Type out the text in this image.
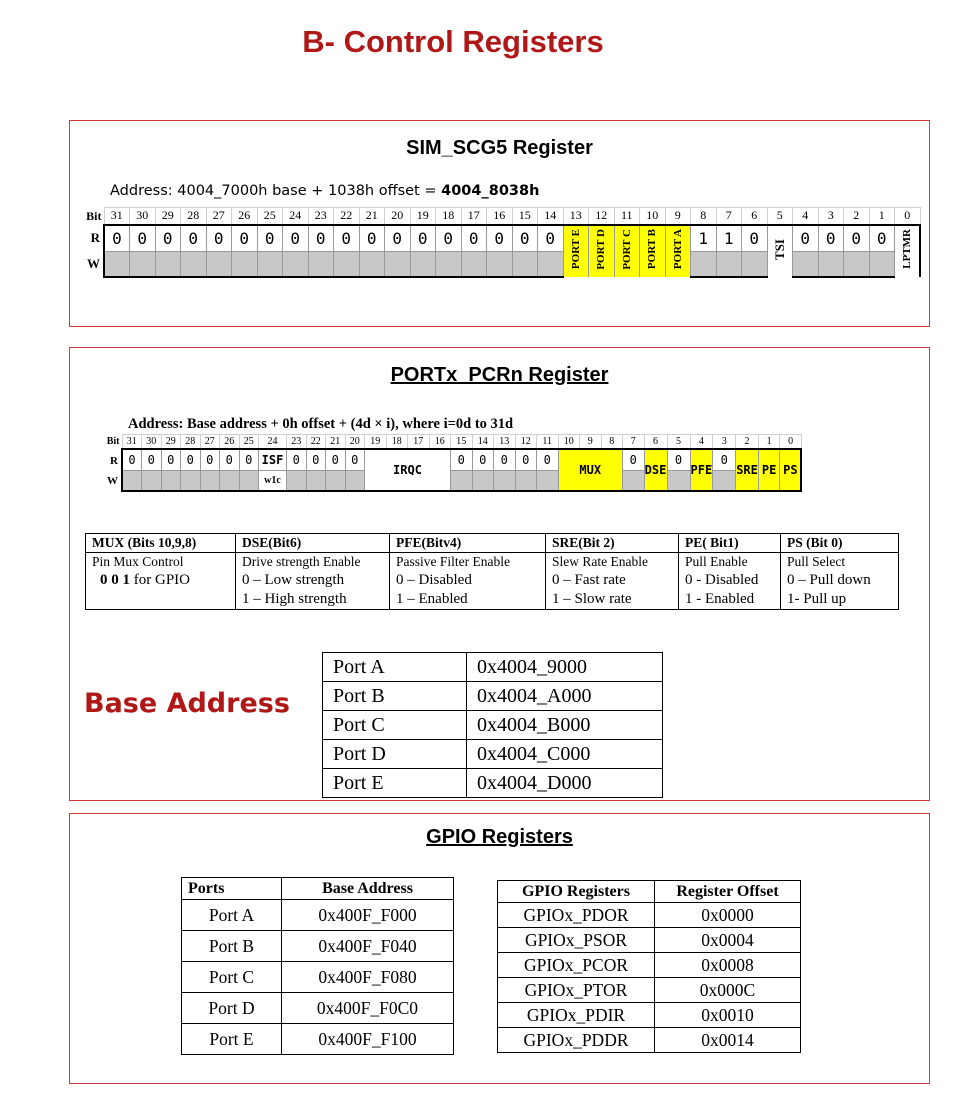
B- Control Registers
SIM_SCG5 Register
Address: 4004_7000h base + 1038h offset = 4004_8038h
Bit	31	30	29	28	27	26	25	24	23	22	21	20	19	18	17	16	15	14	13	12	11	10	9	8	7	6	5	4	3	2	1	0
R	0	0	0	0	0	0	0	0	0	0	0	0	0	0	0	0	0	0	PORT E	PORT D	PORT C	PORT B	PORT A	1	1	0	TSI	0	0	0	0	LPTMR
W																																
PORTx_PCRn Register
Address: Base address + 0h offset + (4d × i), where i=0d to 31d
Bit	31	30	29	28	27	26	25	24	23	22	21	20	19	18	17	16	15	14	13	12	11	10	9	8	7	6	5	4	3	2	1	0
R	0	0	0	0	0	0	0	ISF	0	0	0	0	IRQC				0	0	0	0	0	MUX			0	DSE	0	PFE	0	SRE	PE	PS
W								w1c																								
MUX (Bits 10,9,8)	DSE(Bit6)	PFE(Bitv4)	SRE(Bit 2)	PE( Bit1)	PS (Bit 0)
Pin Mux Control	Drive strength Enable	Passive Filter Enable	Slew Rate Enable	Pull Enable	Pull Select
0 0 1 for GPIO	0 – Low strength	0 – Disabled	0 – Fast rate	0 - Disabled	0 – Pull down
	1 – High strength	1 – Enabled	1 – Slow rate	1 - Enabled	1- Pull up
Base Address
Port A	0x4004_9000
Port B	0x4004_A000
Port C	0x4004_B000
Port D	0x4004_C000
Port E	0x4004_D000
GPIO Registers
Ports	Base Address
Port A	0x400F_F000
Port B	0x400F_F040
Port C	0x400F_F080
Port D	0x400F_F0C0
Port E	0x400F_F100
GPIO Registers	Register Offset
GPIOx_PDOR	0x0000
GPIOx_PSOR	0x0004
GPIOx_PCOR	0x0008
GPIOx_PTOR	0x000C
GPIOx_PDIR	0x0010
GPIOx_PDDR	0x0014
